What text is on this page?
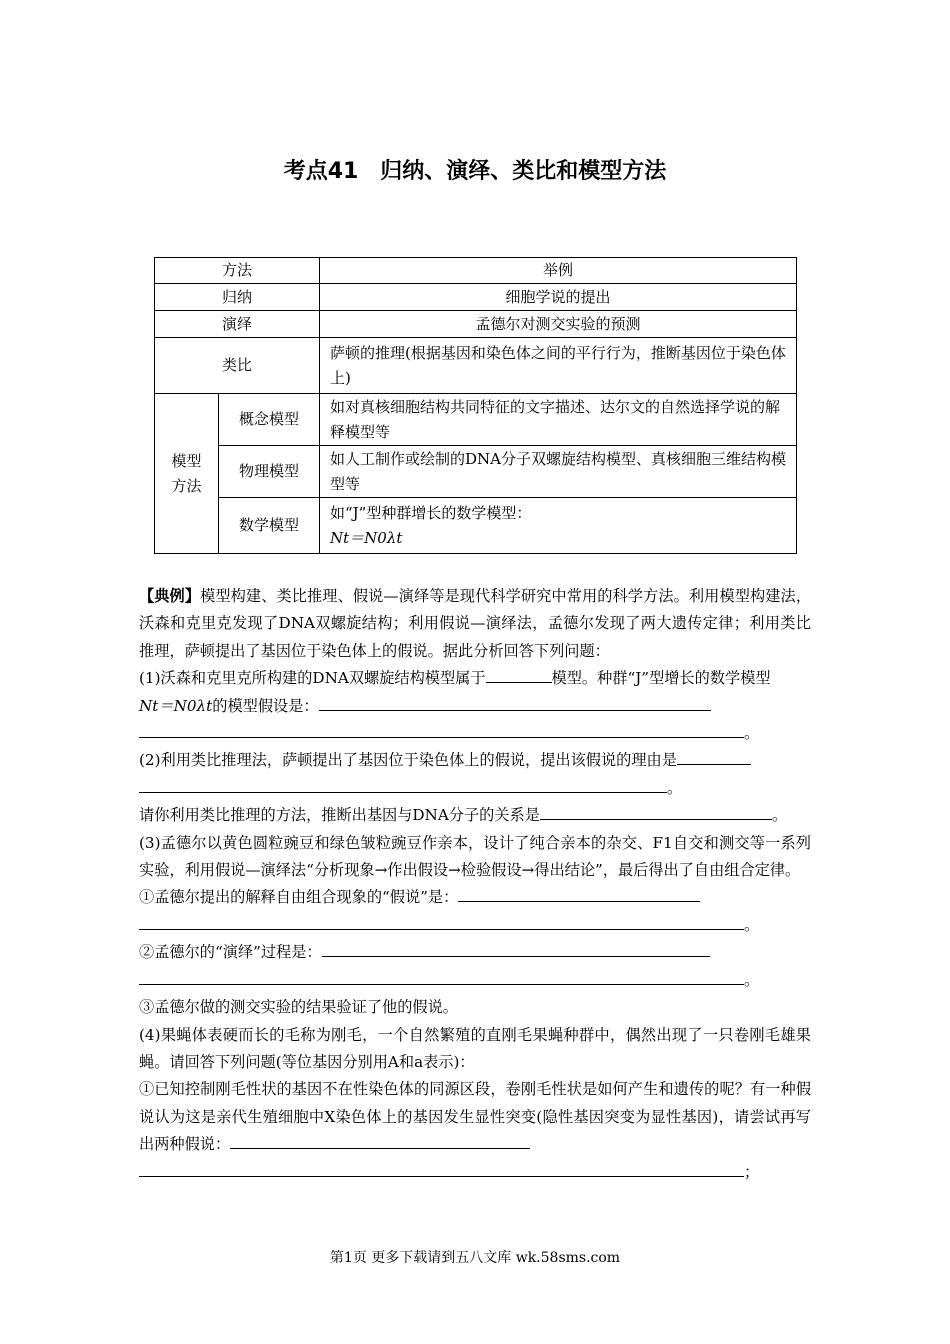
考点41　归纳、演绎、类比和模型方法
方法		举例
归纳		细胞学说的提出
演绎		孟德尔对测交实验的预测
类比		萨顿的推理(根据基因和染色体之间的平行行为，推断基因位于染色体上)
模型方法	概念模型	如对真核细胞结构共同特征的文字描述、达尔文的自然选择学说的解释模型等
	物理模型	如人工制作或绘制的DNA分子双螺旋结构模型、真核细胞三维结构模型等
	数学模型	如“J”型种群增长的数学模型：
Nt＝N0λt

【典例】模型构建、类比推理、假说—演绎等是现代科学研究中常用的科学方法。利用模型构建法，沃森和克里克发现了DNA双螺旋结构；利用假说—演绎法，孟德尔发现了两大遗传定律；利用类比推理，萨顿提出了基因位于染色体上的假说。据此分析回答下列问题：

(1)沃森和克里克所构建的DNA双螺旋结构模型属于	模型。种群“J”型增长的数学模型

Nt＝N0λt的模型假设是：

。

(2)利用类比推理法，萨顿提出了基因位于染色体上的假说，提出该假说的理由是

。

请你利用类比推理的方法，推断出基因与DNA分子的关系是	。

(3)孟德尔以黄色圆粒豌豆和绿色皱粒豌豆作亲本，设计了纯合亲本的杂交、F1自交和测交等一系列实验，利用假说—演绎法“分析现象→作出假设→检验假设→得出结论”，最后得出了自由组合定律。

①孟德尔提出的解释自由组合现象的“假说”是：

。

②孟德尔的“演绎”过程是：

。

③孟德尔做的测交实验的结果验证了他的假说。

(4)果蝇体表硬而长的毛称为刚毛，一个自然繁殖的直刚毛果蝇种群中，偶然出现了一只卷刚毛雄果蝇。请回答下列问题(等位基因分别用A和a表示)：

①已知控制刚毛性状的基因不在性染色体的同源区段，卷刚毛性状是如何产生和遗传的呢？有一种假说认为这是亲代生殖细胞中X染色体上的基因发生显性突变(隐性基因突变为显性基因)，请尝试再写出两种假说：

；

第1页 更多下载请到五八文库 wk.58sms.com
